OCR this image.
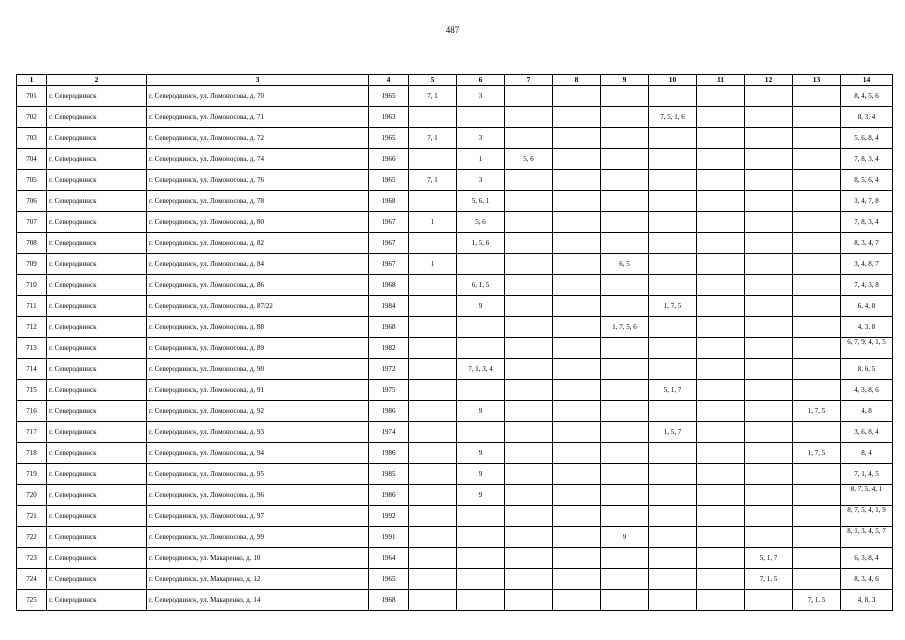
487
1	2	3	4	5	6	7	8	9	10	11	12	13	14
701	г. Северодвинск	г. Северодвинск, ул. Ломоносова, д. 70	1965	7, 1	3								8, 4, 5, 6
702	г. Северодвинск	г. Северодвинск, ул. Ломоносова, д. 71	1963						7, 5, 1, 6				8, 3, 4
703	г. Северодвинск	г. Северодвинск, ул. Ломоносова, д. 72	1965	7, 1	3								5, 6, 8, 4
704	г. Северодвинск	г. Северодвинск, ул. Ломоносова, д. 74	1966		1	5, 6							7, 8, 3, 4
705	г. Северодвинск	г. Северодвинск, ул. Ломоносова, д. 76	1965	7, 1	3								8, 5, 6, 4
706	г. Северодвинск	г. Северодвинск, ул. Ломоносова, д. 78	1968		5, 6, 1								3, 4, 7, 8
707	г. Северодвинск	г. Северодвинск, ул. Ломоносова, д. 80	1967	1	5, 6								7, 8, 3, 4
708	г. Северодвинск	г. Северодвинск, ул. Ломоносова, д. 82	1967		1, 5, 6								8, 3, 4, 7
709	г. Северодвинск	г. Северодвинск, ул. Ломоносова, д. 84	1967	1				6, 5					3, 4, 8, 7
710	г. Северодвинск	г. Северодвинск, ул. Ломоносова, д. 86	1968		6, 1, 5								7, 4, 3, 8
711	г. Северодвинск	г. Северодвинск, ул. Ломоносова, д. 87/22	1984		9				1, 7, 5				6, 4, 8
712	г. Северодвинск	г. Северодвинск, ул. Ломоносова, д. 88	1968					1, 7, 5, 6					4, 3, 8
713	г. Северодвинск	г. Северодвинск, ул. Ломоносова, д. 89	1982										6, 7, 9, 4, 1, 5
714	г. Северодвинск	г. Северодвинск, ул. Ломоносова, д. 90	1972		7, 1, 3, 4								8, 6, 5
715	г. Северодвинск	г. Северодвинск, ул. Ломоносова, д. 91	1975						5, 1, 7				4, 3, 8, 6
716	г. Северодвинск	г. Северодвинск, ул. Ломоносова, д. 92	1986		9							1, 7, 5	4, 8
717	г. Северодвинск	г. Северодвинск, ул. Ломоносова, д. 93	1974						1, 5, 7				3, 6, 8, 4
718	г. Северодвинск	г. Северодвинск, ул. Ломоносова, д. 94	1986		9							1, 7, 5	8, 4
719	г. Северодвинск	г. Северодвинск, ул. Ломоносова, д. 95	1985		9								7, 1, 4, 5
720	г. Северодвинск	г. Северодвинск, ул. Ломоносова, д. 96	1986		9								8, 7, 5, 4, 1
721	г. Северодвинск	г. Северодвинск, ул. Ломоносова, д. 97	1992										8, 7, 5, 4, 1, 9
722	г. Северодвинск	г. Северодвинск, ул. Ломоносова, д. 99	1991					9					8, 1, 3, 4, 5, 7
723	г. Северодвинск	г. Северодвинск, ул. Макаренко, д. 10	1964								5, 1, 7		6, 3, 8, 4
724	г. Северодвинск	г. Северодвинск, ул. Макаренко, д. 12	1965								7, 1, 5		8, 3, 4, 6
725	г. Северодвинск	г. Северодвинск, ул. Макаренко, д. 14	1968									7, 1, 5	4, 8, 3
